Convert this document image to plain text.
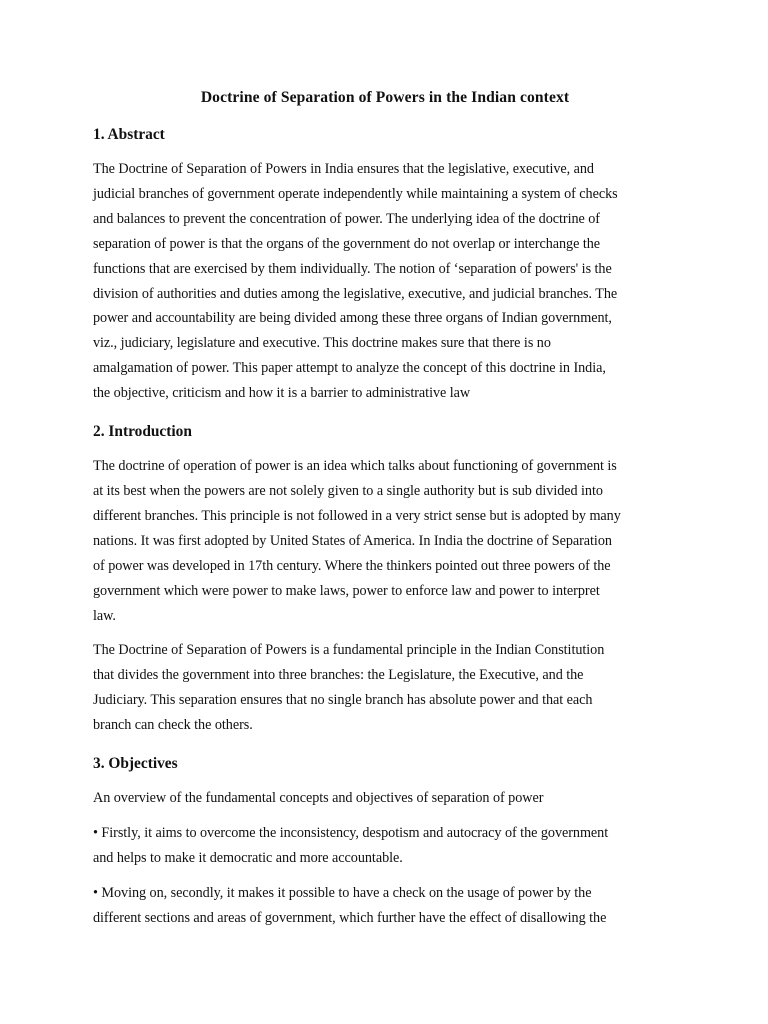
Doctrine of Separation of Powers in the Indian context
1. Abstract

The Doctrine of Separation of Powers in India ensures that the legislative, executive, and
judicial branches of government operate independently while maintaining a system of checks
and balances to prevent the concentration of power. The underlying idea of the doctrine of
separation of power is that the organs of the government do not overlap or interchange the
functions that are exercised by them individually. The notion of ‘separation of powers' is the
division of authorities and duties among the legislative, executive, and judicial branches. The
power and accountability are being divided among these three organs of Indian government,
viz., judiciary, legislature and executive. This doctrine makes sure that there is no
amalgamation of power. This paper attempt to analyze the concept of this doctrine in India,
the objective, criticism and how it is a barrier to administrative law

2. Introduction

The doctrine of operation of power is an idea which talks about functioning of government is
at its best when the powers are not solely given to a single authority but is sub divided into
different branches. This principle is not followed in a very strict sense but is adopted by many
nations. It was first adopted by United States of America. In India the doctrine of Separation
of power was developed in 17th century. Where the thinkers pointed out three powers of the
government which were power to make laws, power to enforce law and power to interpret
law.

The Doctrine of Separation of Powers is a fundamental principle in the Indian Constitution
that divides the government into three branches: the Legislature, the Executive, and the
Judiciary. This separation ensures that no single branch has absolute power and that each
branch can check the others.

3. Objectives

An overview of the fundamental concepts and objectives of separation of power

• Firstly, it aims to overcome the inconsistency, despotism and autocracy of the government
and helps to make it democratic and more accountable.

• Moving on, secondly, it makes it possible to have a check on the usage of power by the
different sections and areas of government, which further have the effect of disallowing the
